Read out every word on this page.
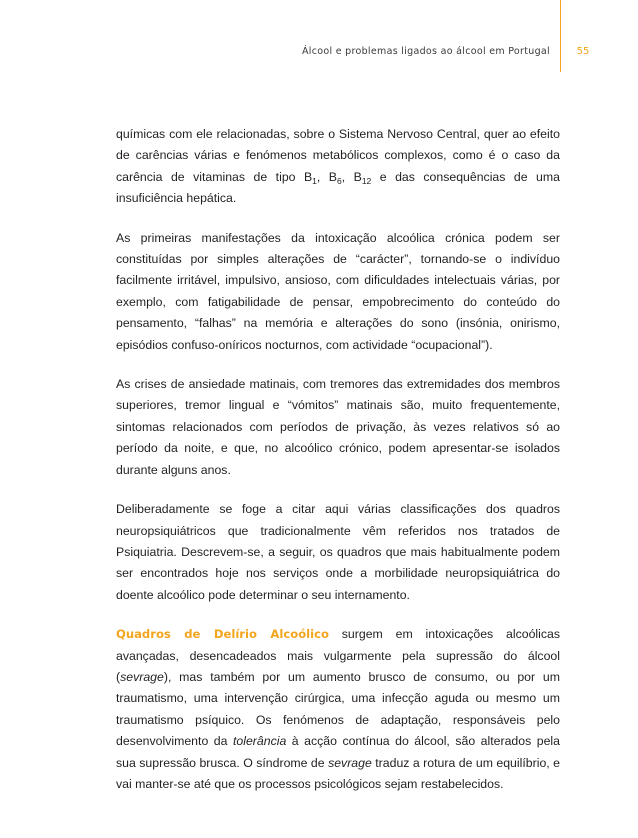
Álcool e problemas ligados ao álcool em Portugal	55

químicas com ele relacionadas, sobre o Sistema Nervoso Central, quer ao efeito de carências várias e fenómenos metabólicos complexos, como é o caso da carência de vitaminas de tipo $B_1$, $B_6$, $B_{12}$ e das consequências de uma insuficiência hepática.

As primeiras manifestações da intoxicação alcoólica crónica podem ser constituídas por simples alterações de “carácter”, tornando-se o indivíduo facilmente irritável, impulsivo, ansioso, com dificuldades intelectuais várias, por exemplo, com fatigabilidade de pensar, empobrecimento do conteúdo do pensamento, “falhas” na memória e alterações do sono (insónia, onirismo, episódios confuso-oníricos nocturnos, com actividade “ocupacional”).

As crises de ansiedade matinais, com tremores das extremidades dos membros superiores, tremor lingual e “vómitos” matinais são, muito frequentemente, sintomas relacionados com períodos de privação, às vezes relativos só ao período da noite, e que, no alcoólico crónico, podem apresentar-se isolados durante alguns anos.

Deliberadamente se foge a citar aqui várias classificações dos quadros neuropsiquiátricos que tradicionalmente vêm referidos nos tratados de Psiquiatria. Descrevem-se, a seguir, os quadros que mais habitualmente podem ser encontrados hoje nos serviços onde a morbilidade neuropsiquiátrica do doente alcoólico pode determinar o seu internamento.

Quadros de Delírio Alcoólico surgem em intoxicações alcoólicas avançadas, desencadeados mais vulgarmente pela supressão do álcool (sevrage), mas também por um aumento brusco de consumo, ou por um traumatismo, uma intervenção cirúrgica, uma infecção aguda ou mesmo um traumatismo psíquico. Os fenómenos de adaptação, responsáveis pelo desenvolvimento da tolerância à acção contínua do álcool, são alterados pela sua supressão brusca. O síndrome de sevrage traduz a rotura de um equilíbrio, e vai manter-se até que os processos psicológicos sejam restabelecidos.
